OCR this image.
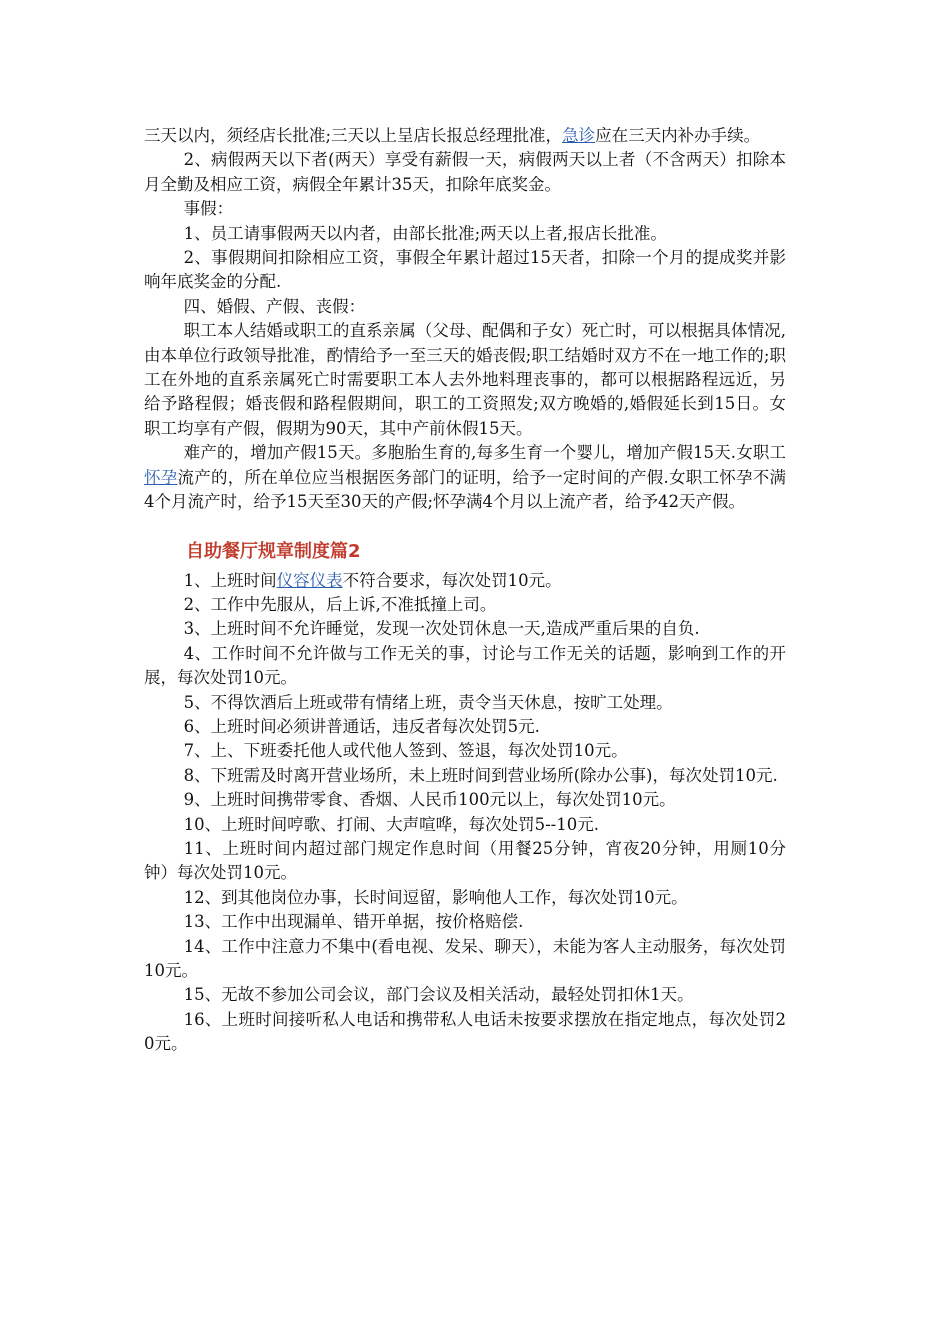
三天以内，须经店长批准;三天以上呈店长报总经理批准，急诊应在三天内补办手续。

2、病假两天以下者(两天）享受有薪假一天，病假两天以上者（不含两天）扣除本月全勤及相应工资，病假全年累计35天，扣除年底奖金。

事假：

1、员工请事假两天以内者，由部长批准;两天以上者,报店长批准。

2、事假期间扣除相应工资，事假全年累计超过15天者，扣除一个月的提成奖并影响年底奖金的分配.

四、婚假、产假、丧假：

职工本人结婚或职工的直系亲属（父母、配偶和子女）死亡时，可以根据具体情况,由本单位行政领导批准，酌情给予一至三天的婚丧假;职工结婚时双方不在一地工作的;职工在外地的直系亲属死亡时需要职工本人去外地料理丧事的，都可以根据路程远近，另给予路程假；婚丧假和路程假期间，职工的工资照发;双方晚婚的,婚假延长到15日。女职工均享有产假，假期为90天，其中产前休假15天。

难产的，增加产假15天。多胞胎生育的,每多生育一个婴儿，增加产假15天.女职工怀孕流产的，所在单位应当根据医务部门的证明，给予一定时间的产假.女职工怀孕不满4个月流产时，给予15天至30天的产假;怀孕满4个月以上流产者，给予42天产假。

自助餐厅规章制度篇2

1、上班时间仪容仪表不符合要求，每次处罚10元。

2、工作中先服从，后上诉,不准抵撞上司。

3、上班时间不允许睡觉，发现一次处罚休息一天,造成严重后果的自负.

4、工作时间不允许做与工作无关的事，讨论与工作无关的话题，影响到工作的开展，每次处罚10元。

5、不得饮酒后上班或带有情绪上班，责令当天休息，按旷工处理。

6、上班时间必须讲普通话，违反者每次处罚5元.

7、上、下班委托他人或代他人签到、签退，每次处罚10元。

8、下班需及时离开营业场所，未上班时间到营业场所(除办公事)，每次处罚10元.

9、上班时间携带零食、香烟、人民币100元以上，每次处罚10元。

10、上班时间哼歌、打闹、大声喧哗，每次处罚5--10元.

11、上班时间内超过部门规定作息时间（用餐25分钟，宵夜20分钟，用厕10分钟）每次处罚10元。

12、到其他岗位办事，长时间逗留，影响他人工作，每次处罚10元。

13、工作中出现漏单、错开单据，按价格赔偿.

14、工作中注意力不集中(看电视、发呆、聊天），未能为客人主动服务，每次处罚10元。

15、无故不参加公司会议，部门会议及相关活动，最轻处罚扣休1天。

16、上班时间接听私人电话和携带私人电话未按要求摆放在指定地点，每次处罚20元。
